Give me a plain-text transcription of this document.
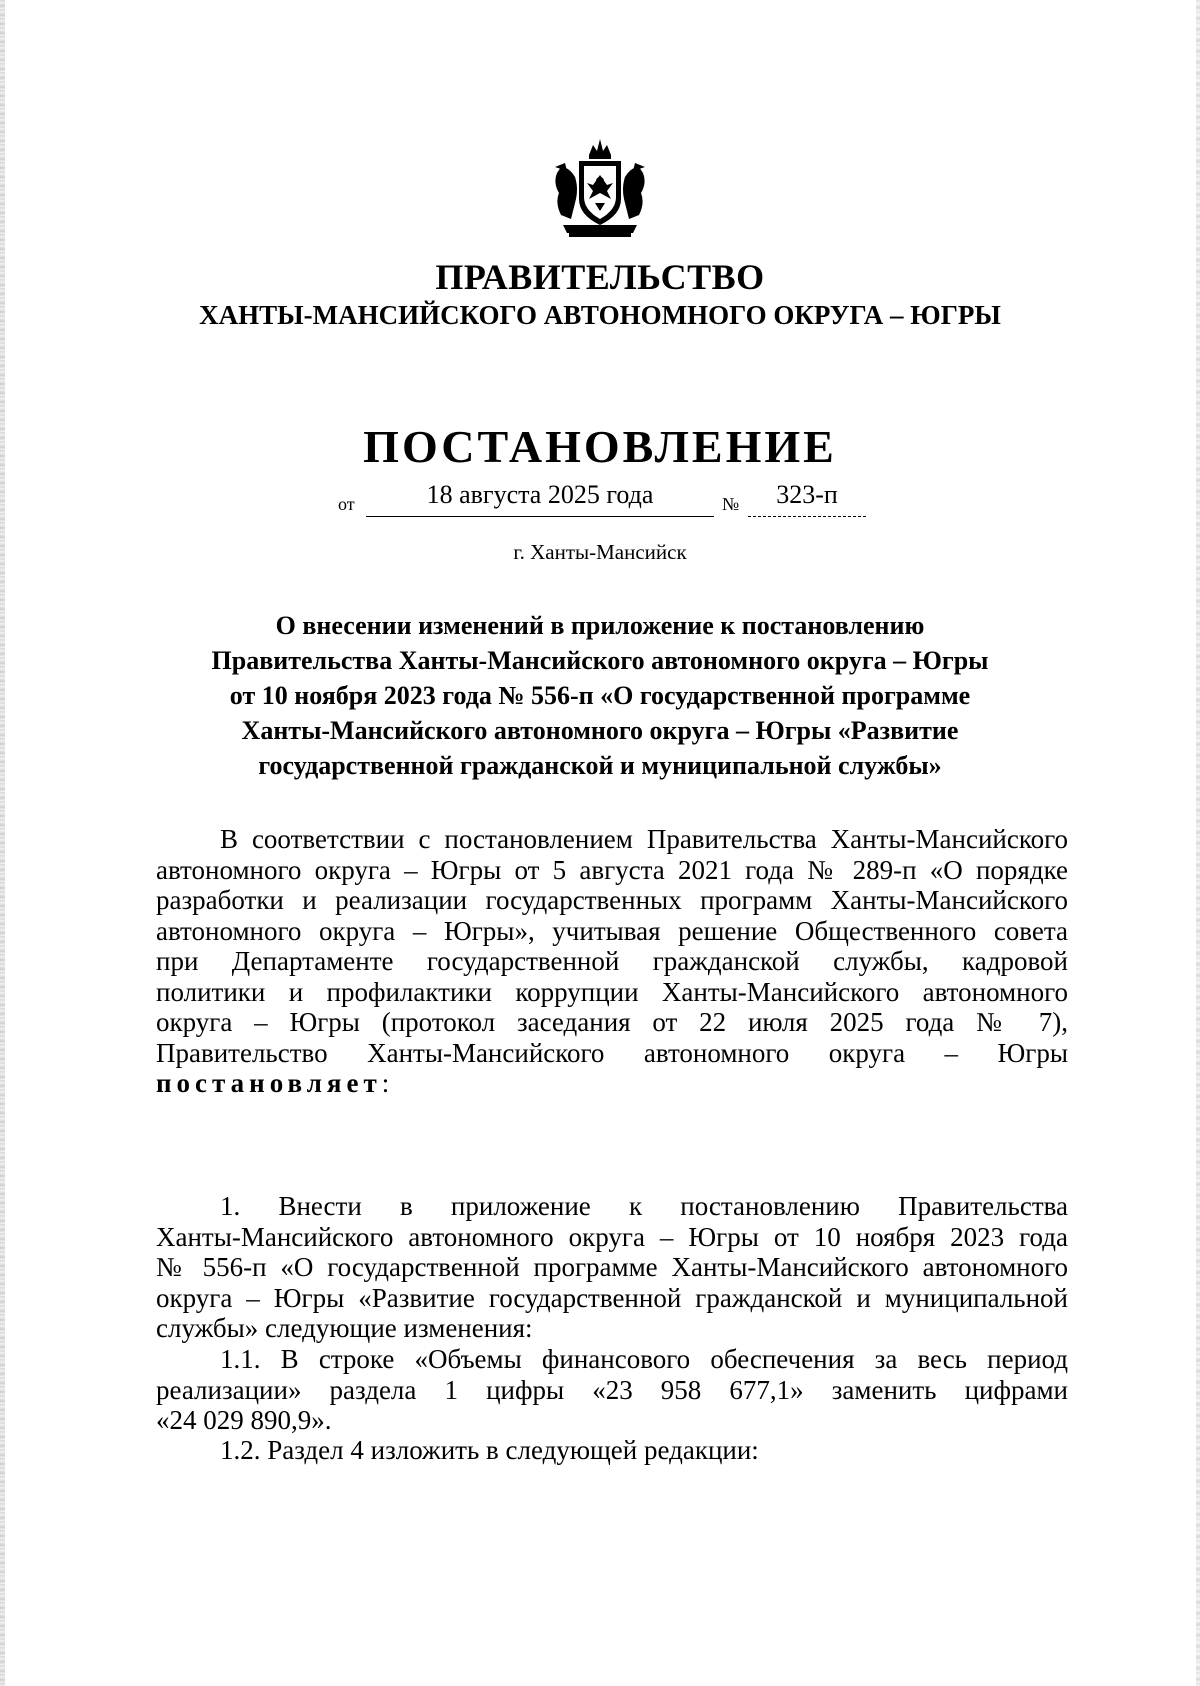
ПРАВИТЕЛЬСТВО
ХАНТЫ-МАНСИЙСКОГО АВТОНОМНОГО ОКРУГА – ЮГРЫ
ПОСТАНОВЛЕНИЕ
от	18 августа 2025 года	№	323-п
г. Ханты-Мансийск
О внесении изменений в приложение к постановлению
Правительства Ханты-Мансийского автономного округа – Югры
от 10 ноября 2023 года № 556-п «О государственной программе
Ханты-Мансийского автономного округа – Югры «Развитие
государственной гражданской и муниципальной службы»
В соответствии с постановлением Правительства Ханты-Мансийского
автономного округа – Югры от 5 августа 2021 года № 289-п «О порядке
разработки и реализации государственных программ Ханты-Мансийского
автономного округа – Югры», учитывая решение Общественного совета
при Департаменте государственной гражданской службы, кадровой
политики и профилактики коррупции Ханты-Мансийского автономного
округа – Югры (протокол заседания от 22 июля 2025 года № 7),
Правительство Ханты-Мансийского автономного округа – Югры
постановляет:
1. Внести в приложение к постановлению Правительства
Ханты-Мансийского автономного округа – Югры от 10 ноября 2023 года
№ 556-п «О государственной программе Ханты-Мансийского автономного
округа – Югры «Развитие государственной гражданской и муниципальной
службы» следующие изменения:
1.1. В строке «Объемы финансового обеспечения за весь период
реализации» раздела 1 цифры «23 958 677,1» заменить цифрами
«24 029 890,9».
1.2. Раздел 4 изложить в следующей редакции:
